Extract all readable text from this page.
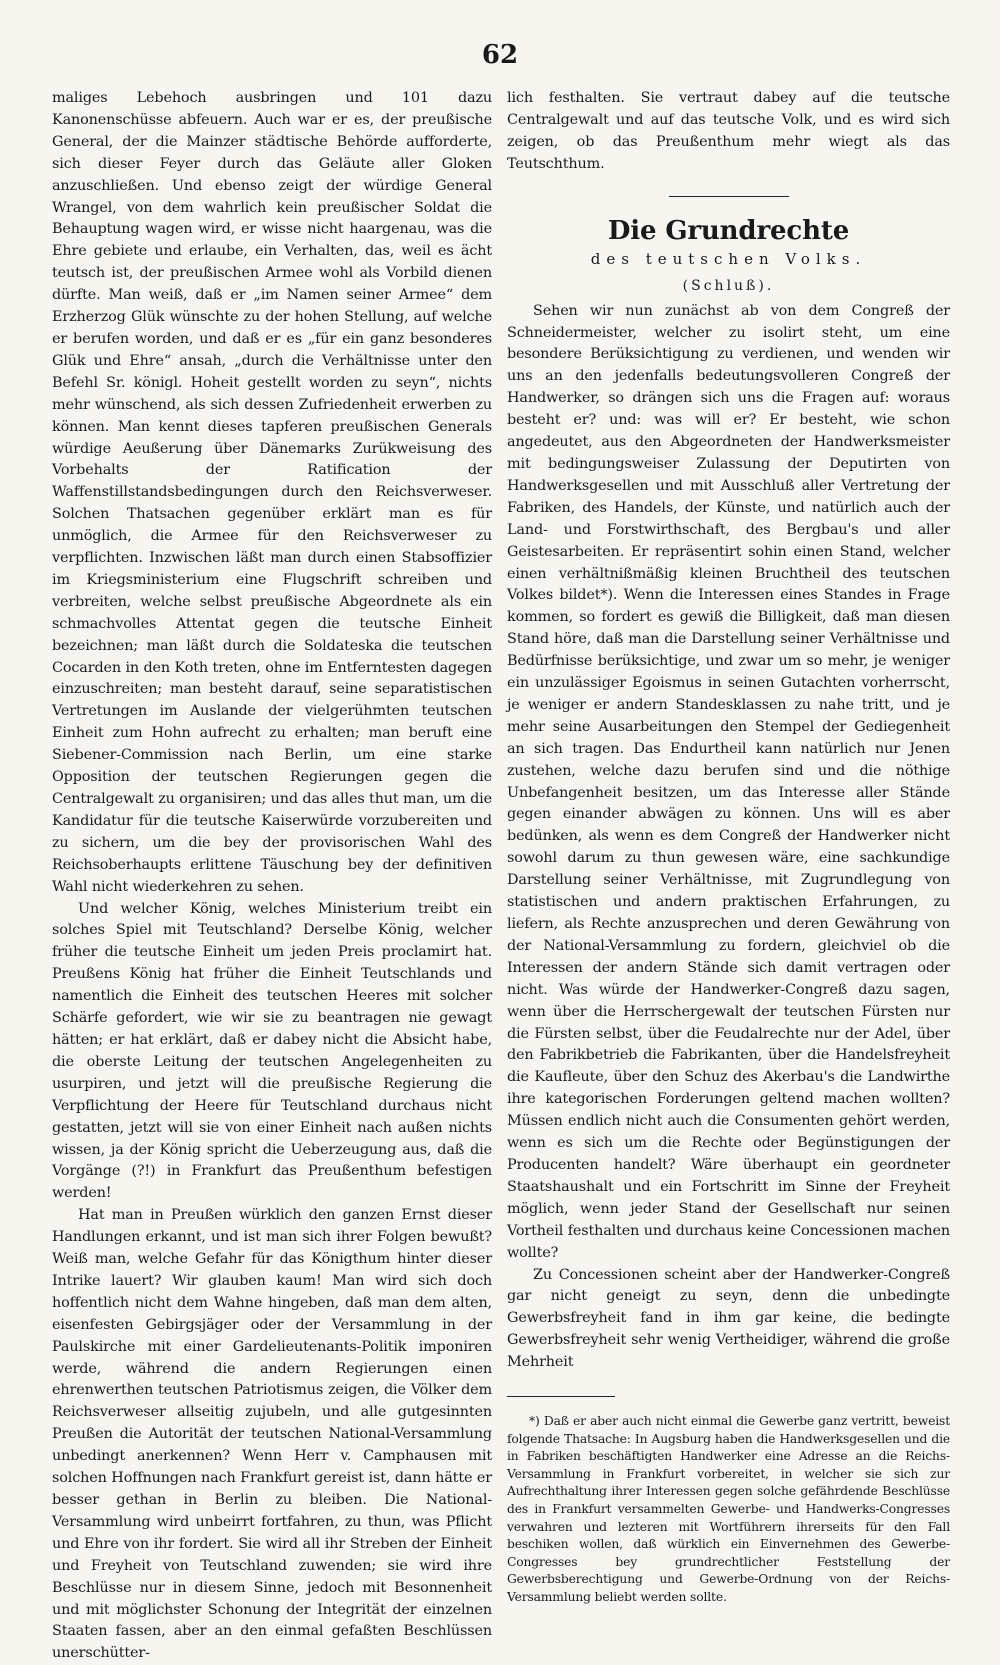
62

maliges Lebehoch ausbringen und 101 dazu Kanonenschüsse abfeuern. Auch war er es, der preußische General, der die Mainzer städtische Behörde aufforderte, sich dieser Feyer durch das Geläute aller Gloken anzuschließen. Und ebenso zeigt der würdige General Wrangel, von dem wahrlich kein preußischer Soldat die Behauptung wagen wird, er wisse nicht haargenau, was die Ehre gebiete und erlaube, ein Verhalten, das, weil es ächt teutsch ist, der preußischen Armee wohl als Vorbild dienen dürfte. Man weiß, daß er „im Namen seiner Armee“ dem Erzherzog Glük wünschte zu der hohen Stellung, auf welche er berufen worden, und daß er es „für ein ganz besonderes Glük und Ehre“ ansah, „durch die Verhältnisse unter den Befehl Sr. königl. Hoheit gestellt worden zu seyn“, nichts mehr wünschend, als sich dessen Zufriedenheit erwerben zu können. Man kennt dieses tapferen preußischen Generals würdige Aeußerung über Dänemarks Zurükweisung des Vorbehalts der Ratification der Waffenstillstandsbedingungen durch den Reichsverweser. Solchen Thatsachen gegenüber erklärt man es für unmöglich, die Armee für den Reichsverweser zu verpflichten. Inzwischen läßt man durch einen Stabsoffizier im Kriegsministerium eine Flugschrift schreiben und verbreiten, welche selbst preußische Abgeordnete als ein schmachvolles Attentat gegen die teutsche Einheit bezeichnen; man läßt durch die Soldateska die teutschen Cocarden in den Koth treten, ohne im Entferntesten dagegen einzuschreiten; man besteht darauf, seine separatistischen Vertretungen im Auslande der vielgerühmten teutschen Einheit zum Hohn aufrecht zu erhalten; man beruft eine Siebener-Commission nach Berlin, um eine starke Opposition der teutschen Regierungen gegen die Centralgewalt zu organisiren; und das alles thut man, um die Kandidatur für die teutsche Kaiserwürde vorzubereiten und zu sichern, um die bey der provisorischen Wahl des Reichsoberhaupts erlittene Täuschung bey der definitiven Wahl nicht wiederkehren zu sehen.

Und welcher König, welches Ministerium treibt ein solches Spiel mit Teutschland? Derselbe König, welcher früher die teutsche Einheit um jeden Preis proclamirt hat. Preußens König hat früher die Einheit Teutschlands und namentlich die Einheit des teutschen Heeres mit solcher Schärfe gefordert, wie wir sie zu beantragen nie gewagt hätten; er hat erklärt, daß er dabey nicht die Absicht habe, die oberste Leitung der teutschen Angelegenheiten zu usurpiren, und jetzt will die preußische Regierung die Verpflichtung der Heere für Teutschland durchaus nicht gestatten, jetzt will sie von einer Einheit nach außen nichts wissen, ja der König spricht die Ueberzeugung aus, daß die Vorgänge (?!) in Frankfurt das Preußenthum befestigen werden!

Hat man in Preußen würklich den ganzen Ernst dieser Handlungen erkannt, und ist man sich ihrer Folgen bewußt? Weiß man, welche Gefahr für das Königthum hinter dieser Intrike lauert? Wir glauben kaum! Man wird sich doch hoffentlich nicht dem Wahne hingeben, daß man dem alten, eisenfesten Gebirgsjäger oder der Versammlung in der Paulskirche mit einer Gardelieutenants-Politik imponiren werde, während die andern Regierungen einen ehrenwerthen teutschen Patriotismus zeigen, die Völker dem Reichsverweser allseitig zujubeln, und alle gutgesinnten Preußen die Autorität der teutschen National-Versammlung unbedingt anerkennen? Wenn Herr v. Camphausen mit solchen Hoffnungen nach Frankfurt gereist ist, dann hätte er besser gethan in Berlin zu bleiben. Die National-Versammlung wird unbeirrt fortfahren, zu thun, was Pflicht und Ehre von ihr fordert. Sie wird all ihr Streben der Einheit und Freyheit von Teutschland zuwenden; sie wird ihre Beschlüsse nur in diesem Sinne, jedoch mit Besonnenheit und mit möglichster Schonung der Integrität der einzelnen Staaten fassen, aber an den einmal gefaßten Beschlüssen unerschütter-

lich festhalten. Sie vertraut dabey auf die teutsche Centralgewalt und auf das teutsche Volk, und es wird sich zeigen, ob das Preußenthum mehr wiegt als das Teutschthum.

Die Grundrechte

des teutschen Volks.

(Schluß).

Sehen wir nun zunächst ab von dem Congreß der Schneidermeister, welcher zu isolirt steht, um eine besondere Berüksichtigung zu verdienen, und wenden wir uns an den jedenfalls bedeutungsvolleren Congreß der Handwerker, so drängen sich uns die Fragen auf: woraus besteht er? und: was will er? Er besteht, wie schon angedeutet, aus den Abgeordneten der Handwerksmeister mit bedingungsweiser Zulassung der Deputirten von Handwerksgesellen und mit Ausschluß aller Vertretung der Fabriken, des Handels, der Künste, und natürlich auch der Land- und Forstwirthschaft, des Bergbau's und aller Geistesarbeiten. Er repräsentirt sohin einen Stand, welcher einen verhältnißmäßig kleinen Bruchtheil des teutschen Volkes bildet*). Wenn die Interessen eines Standes in Frage kommen, so fordert es gewiß die Billigkeit, daß man diesen Stand höre, daß man die Darstellung seiner Verhältnisse und Bedürfnisse berüksichtige, und zwar um so mehr, je weniger ein unzulässiger Egoismus in seinen Gutachten vorherrscht, je weniger er andern Standesklassen zu nahe tritt, und je mehr seine Ausarbeitungen den Stempel der Gediegenheit an sich tragen. Das Endurtheil kann natürlich nur Jenen zustehen, welche dazu berufen sind und die nöthige Unbefangenheit besitzen, um das Interesse aller Stände gegen einander abwägen zu können. Uns will es aber bedünken, als wenn es dem Congreß der Handwerker nicht sowohl darum zu thun gewesen wäre, eine sachkundige Darstellung seiner Verhältnisse, mit Zugrundlegung von statistischen und andern praktischen Erfahrungen, zu liefern, als Rechte anzusprechen und deren Gewährung von der National-Versammlung zu fordern, gleichviel ob die Interessen der andern Stände sich damit vertragen oder nicht. Was würde der Handwerker-Congreß dazu sagen, wenn über die Herrschergewalt der teutschen Fürsten nur die Fürsten selbst, über die Feudalrechte nur der Adel, über den Fabrikbetrieb die Fabrikanten, über die Handelsfreyheit die Kaufleute, über den Schuz des Akerbau's die Landwirthe ihre kategorischen Forderungen geltend machen wollten? Müssen endlich nicht auch die Consumenten gehört werden, wenn es sich um die Rechte oder Begünstigungen der Producenten handelt? Wäre überhaupt ein geordneter Staatshaushalt und ein Fortschritt im Sinne der Freyheit möglich, wenn jeder Stand der Gesellschaft nur seinen Vortheil festhalten und durchaus keine Concessionen machen wollte?

Zu Concessionen scheint aber der Handwerker-Congreß gar nicht geneigt zu seyn, denn die unbedingte Gewerbsfreyheit fand in ihm gar keine, die bedingte Gewerbsfreyheit sehr wenig Vertheidiger, während die große Mehrheit

*) Daß er aber auch nicht einmal die Gewerbe ganz vertritt, beweist folgende Thatsache: In Augsburg haben die Handwerksgesellen und die in Fabriken beschäftigten Handwerker eine Adresse an die Reichs-Versammlung in Frankfurt vorbereitet, in welcher sie sich zur Aufrechthaltung ihrer Interessen gegen solche gefährdende Beschlüsse des in Frankfurt versammelten Gewerbe- und Handwerks-Congresses verwahren und lezteren mit Wortführern ihrerseits für den Fall beschiken wollen, daß würklich ein Einvernehmen des Gewerbe-Congresses bey grundrechtlicher Feststellung der Gewerbsberechtigung und Gewerbe-Ordnung von der Reichs-Versammlung beliebt werden sollte.
